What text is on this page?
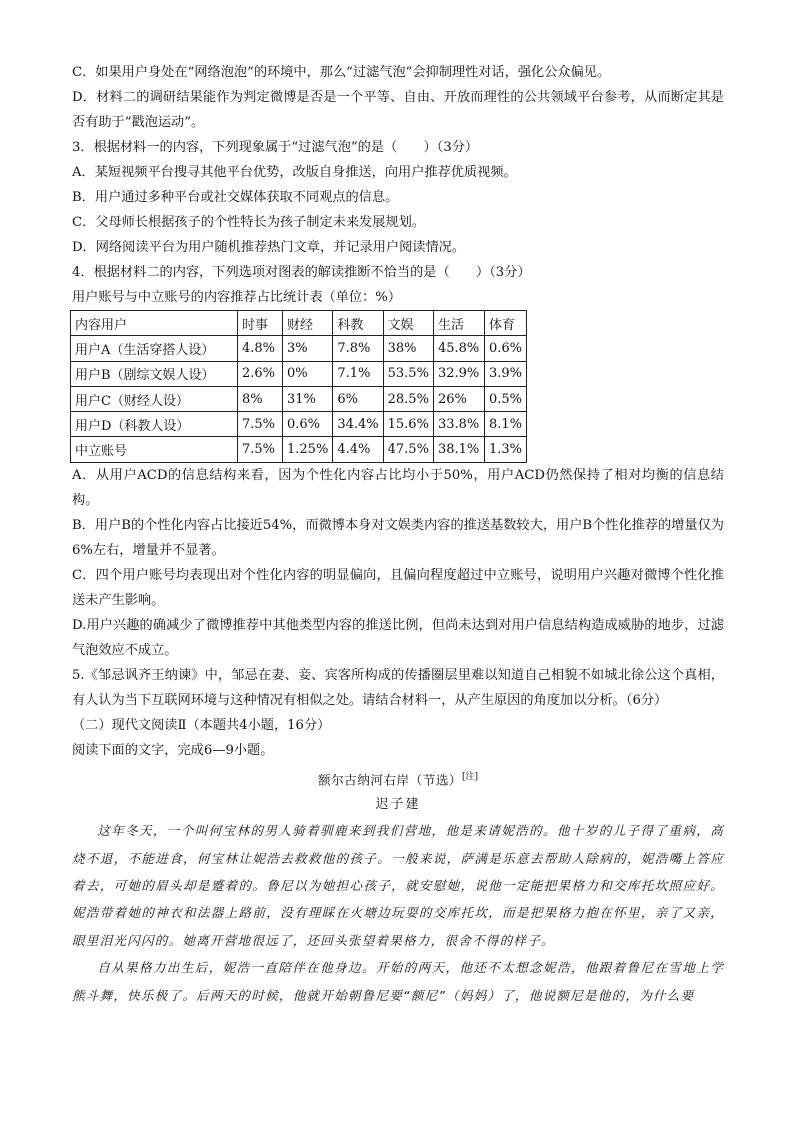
C．如果用户身处在“网络泡泡”的环境中，那么“过滤气泡”会抑制理性对话，强化公众偏见。

D．材料二的调研结果能作为判定微博是否是一个平等、自由、开放而理性的公共领域平台参考，从而断定其是否有助于“戳泡运动”。

3．根据材料一的内容，下列现象属于“过滤气泡”的是（　　）（3分）

A．某短视频平台搜寻其他平台优势，改版自身推送，向用户推荐优质视频。

B．用户通过多种平台或社交媒体获取不同观点的信息。

C．父母师长根据孩子的个性特长为孩子制定未来发展规划。

D．网络阅读平台为用户随机推荐热门文章，并记录用户阅读情况。

4．根据材料二的内容，下列选项对图表的解读推断不恰当的是（　　）（3分）

用户账号与中立账号的内容推荐占比统计表（单位：%）

内容用户	时事	财经	科教	文娱	生活	体育
用户A（生活穿搭人设）	4.8%	3%	7.8%	38%	45.8%	0.6%
用户B（剧综文娱人设）	2.6%	0%	7.1%	53.5%	32.9%	3.9%
用户C（财经人设）	8%	31%	6%	28.5%	26%	0.5%
用户D（科教人设）	7.5%	0.6%	34.4%	15.6%	33.8%	8.1%
中立账号	7.5%	1.25%	4.4%	47.5%	38.1%	1.3%

A．从用户ACD的信息结构来看，因为个性化内容占比均小于50%，用户ACD仍然保持了相对均衡的信息结构。

B．用户B的个性化内容占比接近54%，而微博本身对文娱类内容的推送基数较大，用户B个性化推荐的增量仅为6%左右，增量并不显著。

C．四个用户账号均表现出对个性化内容的明显偏向，且偏向程度超过中立账号，说明用户兴趣对微博个性化推送未产生影响。

D.用户兴趣的确减少了微博推荐中其他类型内容的推送比例，但尚未达到对用户信息结构造成威胁的地步，过滤气泡效应不成立。

5.《邹忌讽齐王纳谏》中，邹忌在妻、妾、宾客所构成的传播圈层里难以知道自己相貌不如城北徐公这个真相，有人认为当下互联网环境与这种情况有相似之处。请结合材料一，从产生原因的角度加以分析。（6分）

（二）现代文阅读Ⅱ（本题共4小题，16分）

阅读下面的文字，完成6—9小题。

额尔古纳河右岸（节选）[注]

迟子建

这年冬天，一个叫何宝林的男人骑着驯鹿来到我们营地，他是来请妮浩的。他十岁的儿子得了重病，高烧不退，不能进食，何宝林让妮浩去救救他的孩子。一般来说，萨满是乐意去帮助人除病的，妮浩嘴上答应着去，可她的眉头却是蹙着的。鲁尼以为她担心孩子，就安慰她，说他一定能把果格力和交库托坎照应好。妮浩带着她的神衣和法器上路前，没有理睬在火塘边玩耍的交库托坎，而是把果格力抱在怀里，亲了又亲，眼里泪光闪闪的。她离开营地很远了，还回头张望着果格力，很舍不得的样子。

自从果格力出生后，妮浩一直陪伴在他身边。开始的两天，他还不太想念妮浩，他跟着鲁尼在雪地上学熊斗舞，快乐极了。后两天的时候，他就开始朝鲁尼要“额尼”（妈妈）了，他说额尼是他的，为什么要
